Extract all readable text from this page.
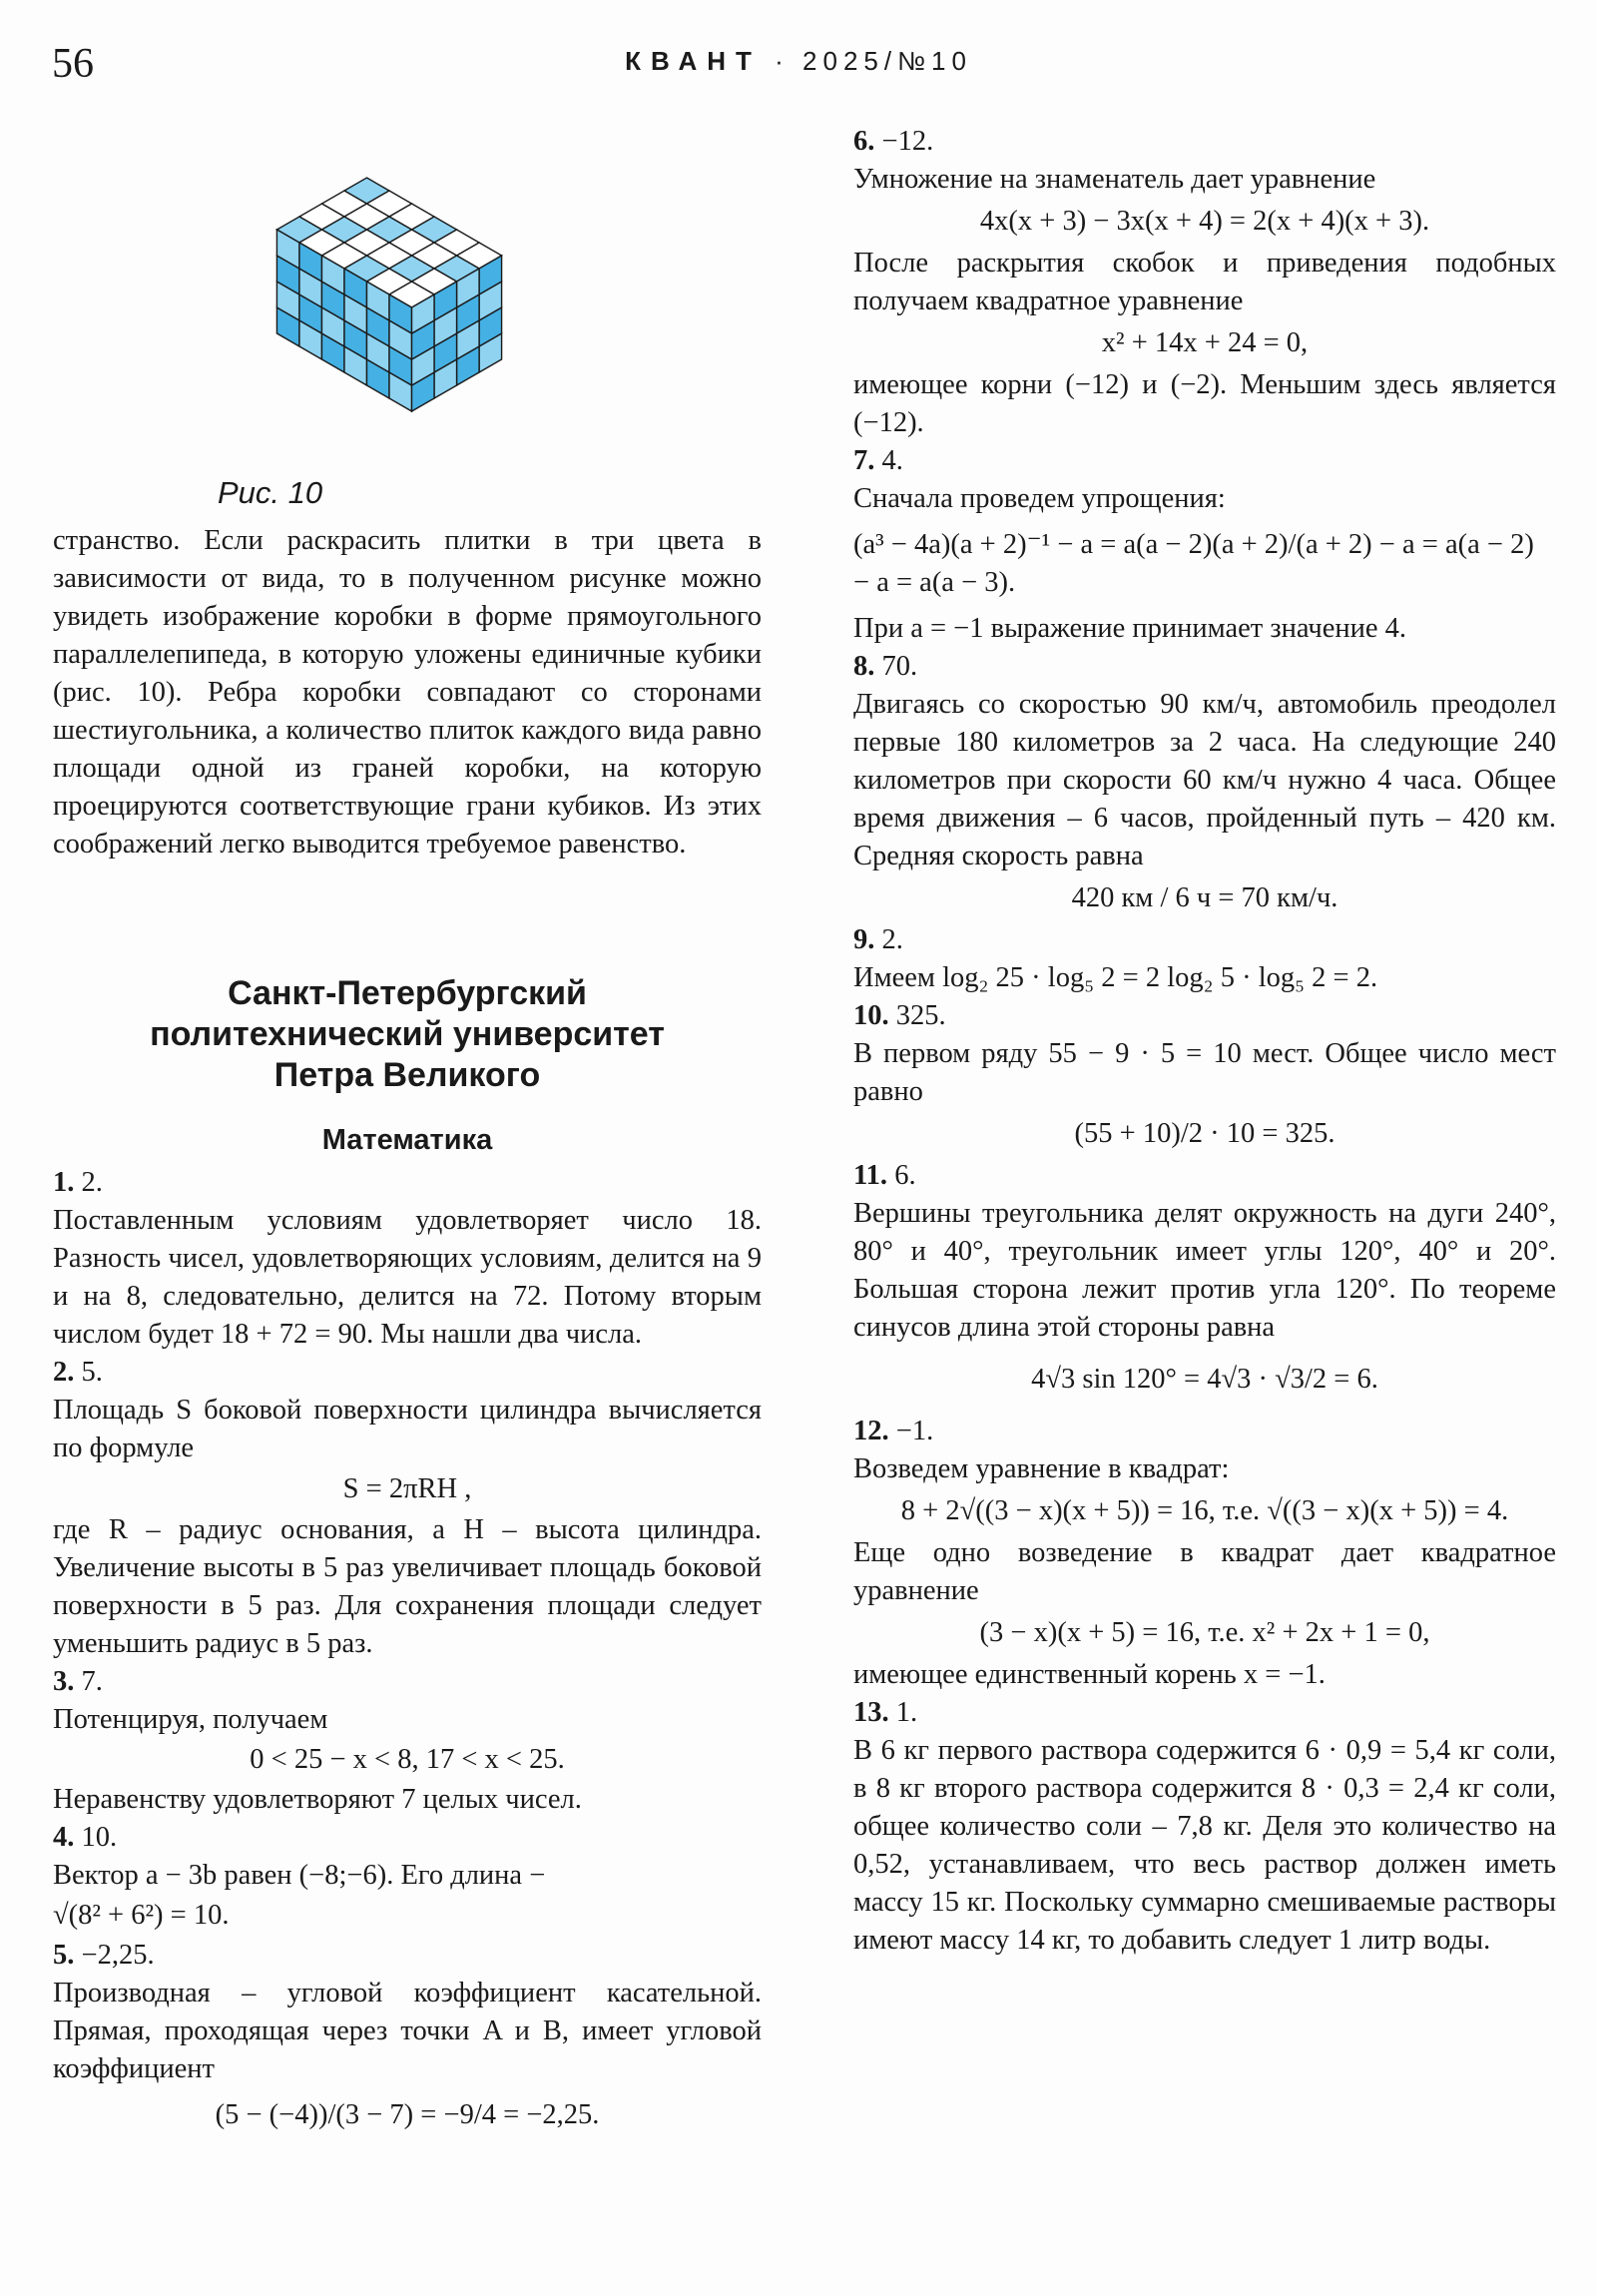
56	КВАНТ · 2025/№10
Рис. 10

странство. Если раскрасить плитки в три цвета в зависимости от вида, то в полученном рисунке можно увидеть изображение коробки в форме прямоугольного параллелепипеда, в которую уложены единичные кубики (рис. 10). Ребра коробки совпадают со сторонами шестиугольника, а количество плиток каждого вида равно площади одной из граней коробки, на которую проецируются соответствующие грани кубиков. Из этих соображений легко выводится требуемое равенство.

Санкт-Петербургский
политехнический университет
Петра Великого
Математика
1. 2.

Поставленным условиям удовлетворяет число 18. Разность чисел, удовлетворяющих условиям, делится на 9 и на 8, следовательно, делится на 72. Потому вторым числом будет 18 + 72 = 90. Мы нашли два числа.

2. 5.

Площадь S боковой поверхности цилиндра вычисляется по формуле

S = 2πRH ,

где R – радиус основания, а H – высота цилиндра. Увеличение высоты в 5 раз увеличивает площадь боковой поверхности в 5 раз. Для сохранения площади следует уменьшить радиус в 5 раз.

3. 7.

Потенцируя, получаем

0 < 25 − x < 8, 17 < x < 25.

Неравенству удовлетворяют 7 целых чисел.

4. 10.

Вектор a − 3b равен (−8;−6). Его длина −

√(8² + 6²) = 10.
5. −2,25.

Производная – угловой коэффициент касательной. Прямая, проходящая через точки A и B, имеет угловой коэффициент

(5 − (−4))/(3 − 7) = −9/4 = −2,25.
6. −12.

Умножение на знаменатель дает уравнение

4x(x + 3) − 3x(x + 4) = 2(x + 4)(x + 3).

После раскрытия скобок и приведения подобных получаем квадратное уравнение

x² + 14x + 24 = 0,

имеющее корни (−12) и (−2). Меньшим здесь является (−12).

7. 4.

Сначала проведем упрощения:

(a³ − 4a)(a + 2)⁻¹ − a = a(a − 2)(a + 2)/(a + 2) − a = a(a − 2) − a = a(a − 3).

При a = −1 выражение принимает значение 4.

8. 70.

Двигаясь со скоростью 90 км/ч, автомобиль преодолел первые 180 километров за 2 часа. На следующие 240 километров при скорости 60 км/ч нужно 4 часа. Общее время движения – 6 часов, пройденный путь – 420 км. Средняя скорость равна

420 км / 6 ч = 70 км/ч.
9. 2.

Имеем log₂ 25 · log₅ 2 = 2 log₂ 5 · log₅ 2 = 2.

10. 325.

В первом ряду 55 − 9 · 5 = 10 мест. Общее число мест равно

(55 + 10)/2 · 10 = 325.
11. 6.

Вершины треугольника делят окружность на дуги 240°, 80° и 40°, треугольник имеет углы 120°, 40° и 20°. Большая сторона лежит против угла 120°. По теореме синусов длина этой стороны равна

4√3 sin 120° = 4√3 · √3/2 = 6.
12. −1.

Возведем уравнение в квадрат:

8 + 2√((3 − x)(x + 5)) = 16, т.е. √((3 − x)(x + 5)) = 4.

Еще одно возведение в квадрат дает квадратное уравнение

(3 − x)(x + 5) = 16, т.е. x² + 2x + 1 = 0,

имеющее единственный корень x = −1.

13. 1.

В 6 кг первого раствора содержится 6 · 0,9 = 5,4 кг соли, в 8 кг второго раствора содержится 8 · 0,3 = 2,4 кг соли, общее количество соли – 7,8 кг. Деля это количество на 0,52, устанавливаем, что весь раствор должен иметь массу 15 кг. Поскольку суммарно смешиваемые растворы имеют массу 14 кг, то добавить следует 1 литр воды.
